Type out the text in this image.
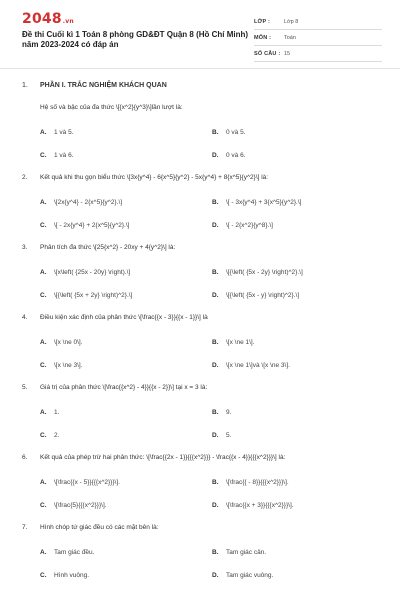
2048.vn
Đề thi Cuối kì 1 Toán 8 phòng GD&ĐT Quận 8 (Hồ Chí Minh) năm 2023-2024 có đáp án
LỚP :	Lớp 8
MÔN :	Toán
SỐ CÂU : 15
1.	PHẦN I. TRẮC NGHIỆM KHÁCH QUAN
Hệ số và bậc của đa thức \[{x^2}{y^3}\]lần lượt là:
A.	1 và 5.	B.	0 và 5.
C.	1 và 6.	D.	0 và 6.
2.	Kết quả khi thu gọn biểu thức \[3x{y^4} - 6{x^5}{y^2} - 5x{y^4} + 8{x^5}{y^2}\] là:
A.	\[2x{y^4} - 2{x^5}{y^2}.\]	B.	\[ - 3x{y^4} + 3{x^5}{y^2}.\]
C.	\[ - 2x{y^4} + 2{x^5}{y^2}.\]	D.	\[ - 2{x^2}{y^8}.\]
3.	Phân tích đa thức \[25{x^2} - 20xy + 4{y^2}\] là:
A.	\[x\left( {25x - 20y} \right).\]	B.	\[{\left( {5x - 2y} \right)^2}.\]
C.	\[{\left( {5x + 2y} \right)^2}.\]	D.	\[{\left( {5x - y} \right)^2}.\]
4.	Điều kiện xác định của phân thức \[\frac{{x - 3}}{{x - 1}}\] là
A.	\[x \ne 0\].	B.	\[x \ne 1\].
C.	\[x \ne 3\].	D.	\[x \ne 1\]và \[x \ne 3\].
5.	Giá trị của phân thức \[\frac{{x^2} - 4}}{{x - 2}}\] tại x = 3 là:
A.	1.	B.	9.
C.	2.	D.	5.
6.	Kết quả của phép trừ hai phân thức: \[\frac{{2x - 1}}{{{x^2}}} - \frac{{x - 4}}{{{x^2}}}\] là:
A.	\[\frac{{x - 5}}{{{x^2}}}\].	B.	\[\frac{{ - 8}}{{{x^2}}}\].
C.	\[\frac{5}{{{x^2}}}\].	D.	\[\frac{{x + 3}}{{{x^2}}}\].
7.	Hình chóp tứ giác đều có các mặt bên là:
A.	Tam giác đều.	B.	Tam giác cân.
C.	Hình vuông.	D.	Tam giác vuông.
